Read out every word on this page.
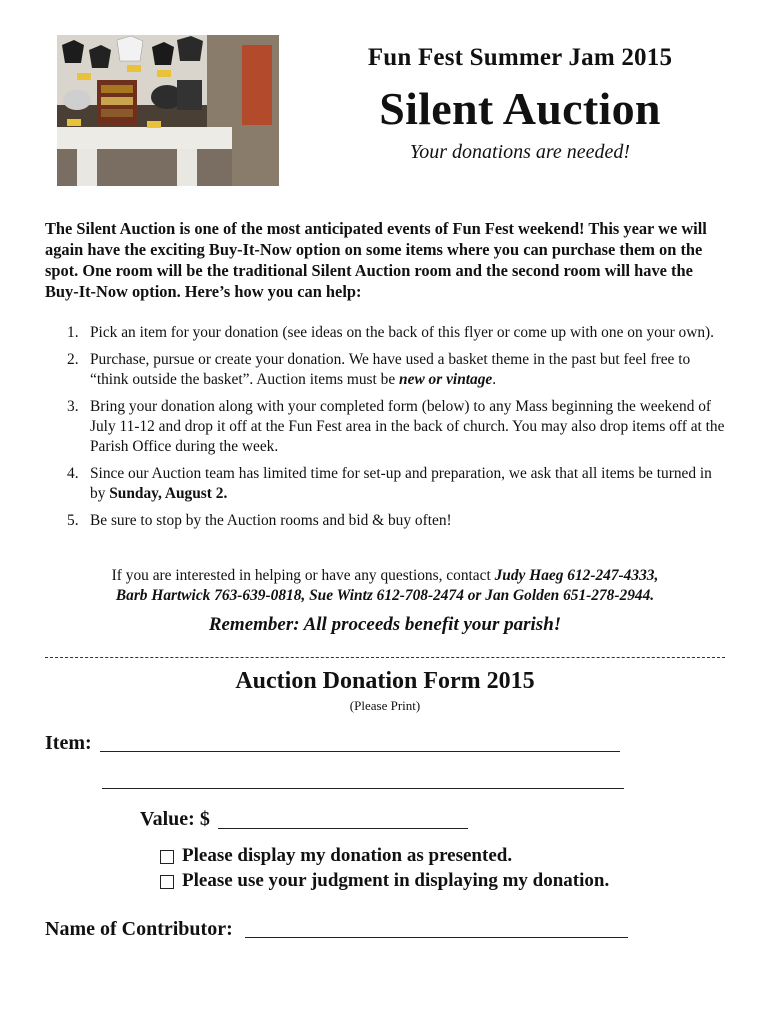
Fun Fest Summer Jam 2015
Silent Auction
Your donations are needed!
The Silent Auction is one of the most anticipated events of Fun Fest weekend! This year we will again have the exciting Buy-It-Now option on some items where you can purchase them on the spot. One room will be the traditional Silent Auction room and the second room will have the Buy-It-Now option. Here’s how you can help:
1. Pick an item for your donation (see ideas on the back of this flyer or come up with one on your own).
2. Purchase, pursue or create your donation. We have used a basket theme in the past but feel free to “think outside the basket”. Auction items must be new or vintage.
3. Bring your donation along with your completed form (below) to any Mass beginning the weekend of July 11-12 and drop it off at the Fun Fest area in the back of church. You may also drop items off at the Parish Office during the week.
4. Since our Auction team has limited time for set-up and preparation, we ask that all items be turned in by Sunday, August 2.
5. Be sure to stop by the Auction rooms and bid & buy often!
If you are interested in helping or have any questions, contact Judy Haeg 612-247-4333,
Barb Hartwick 763-639-0818, Sue Wintz 612-708-2474 or Jan Golden 651-278-2944.
Remember: All proceeds benefit your parish!
Auction Donation Form 2015
(Please Print)
Item:
Value: $
Please display my donation as presented.
Please use your judgment in displaying my donation.
Name of Contributor:
